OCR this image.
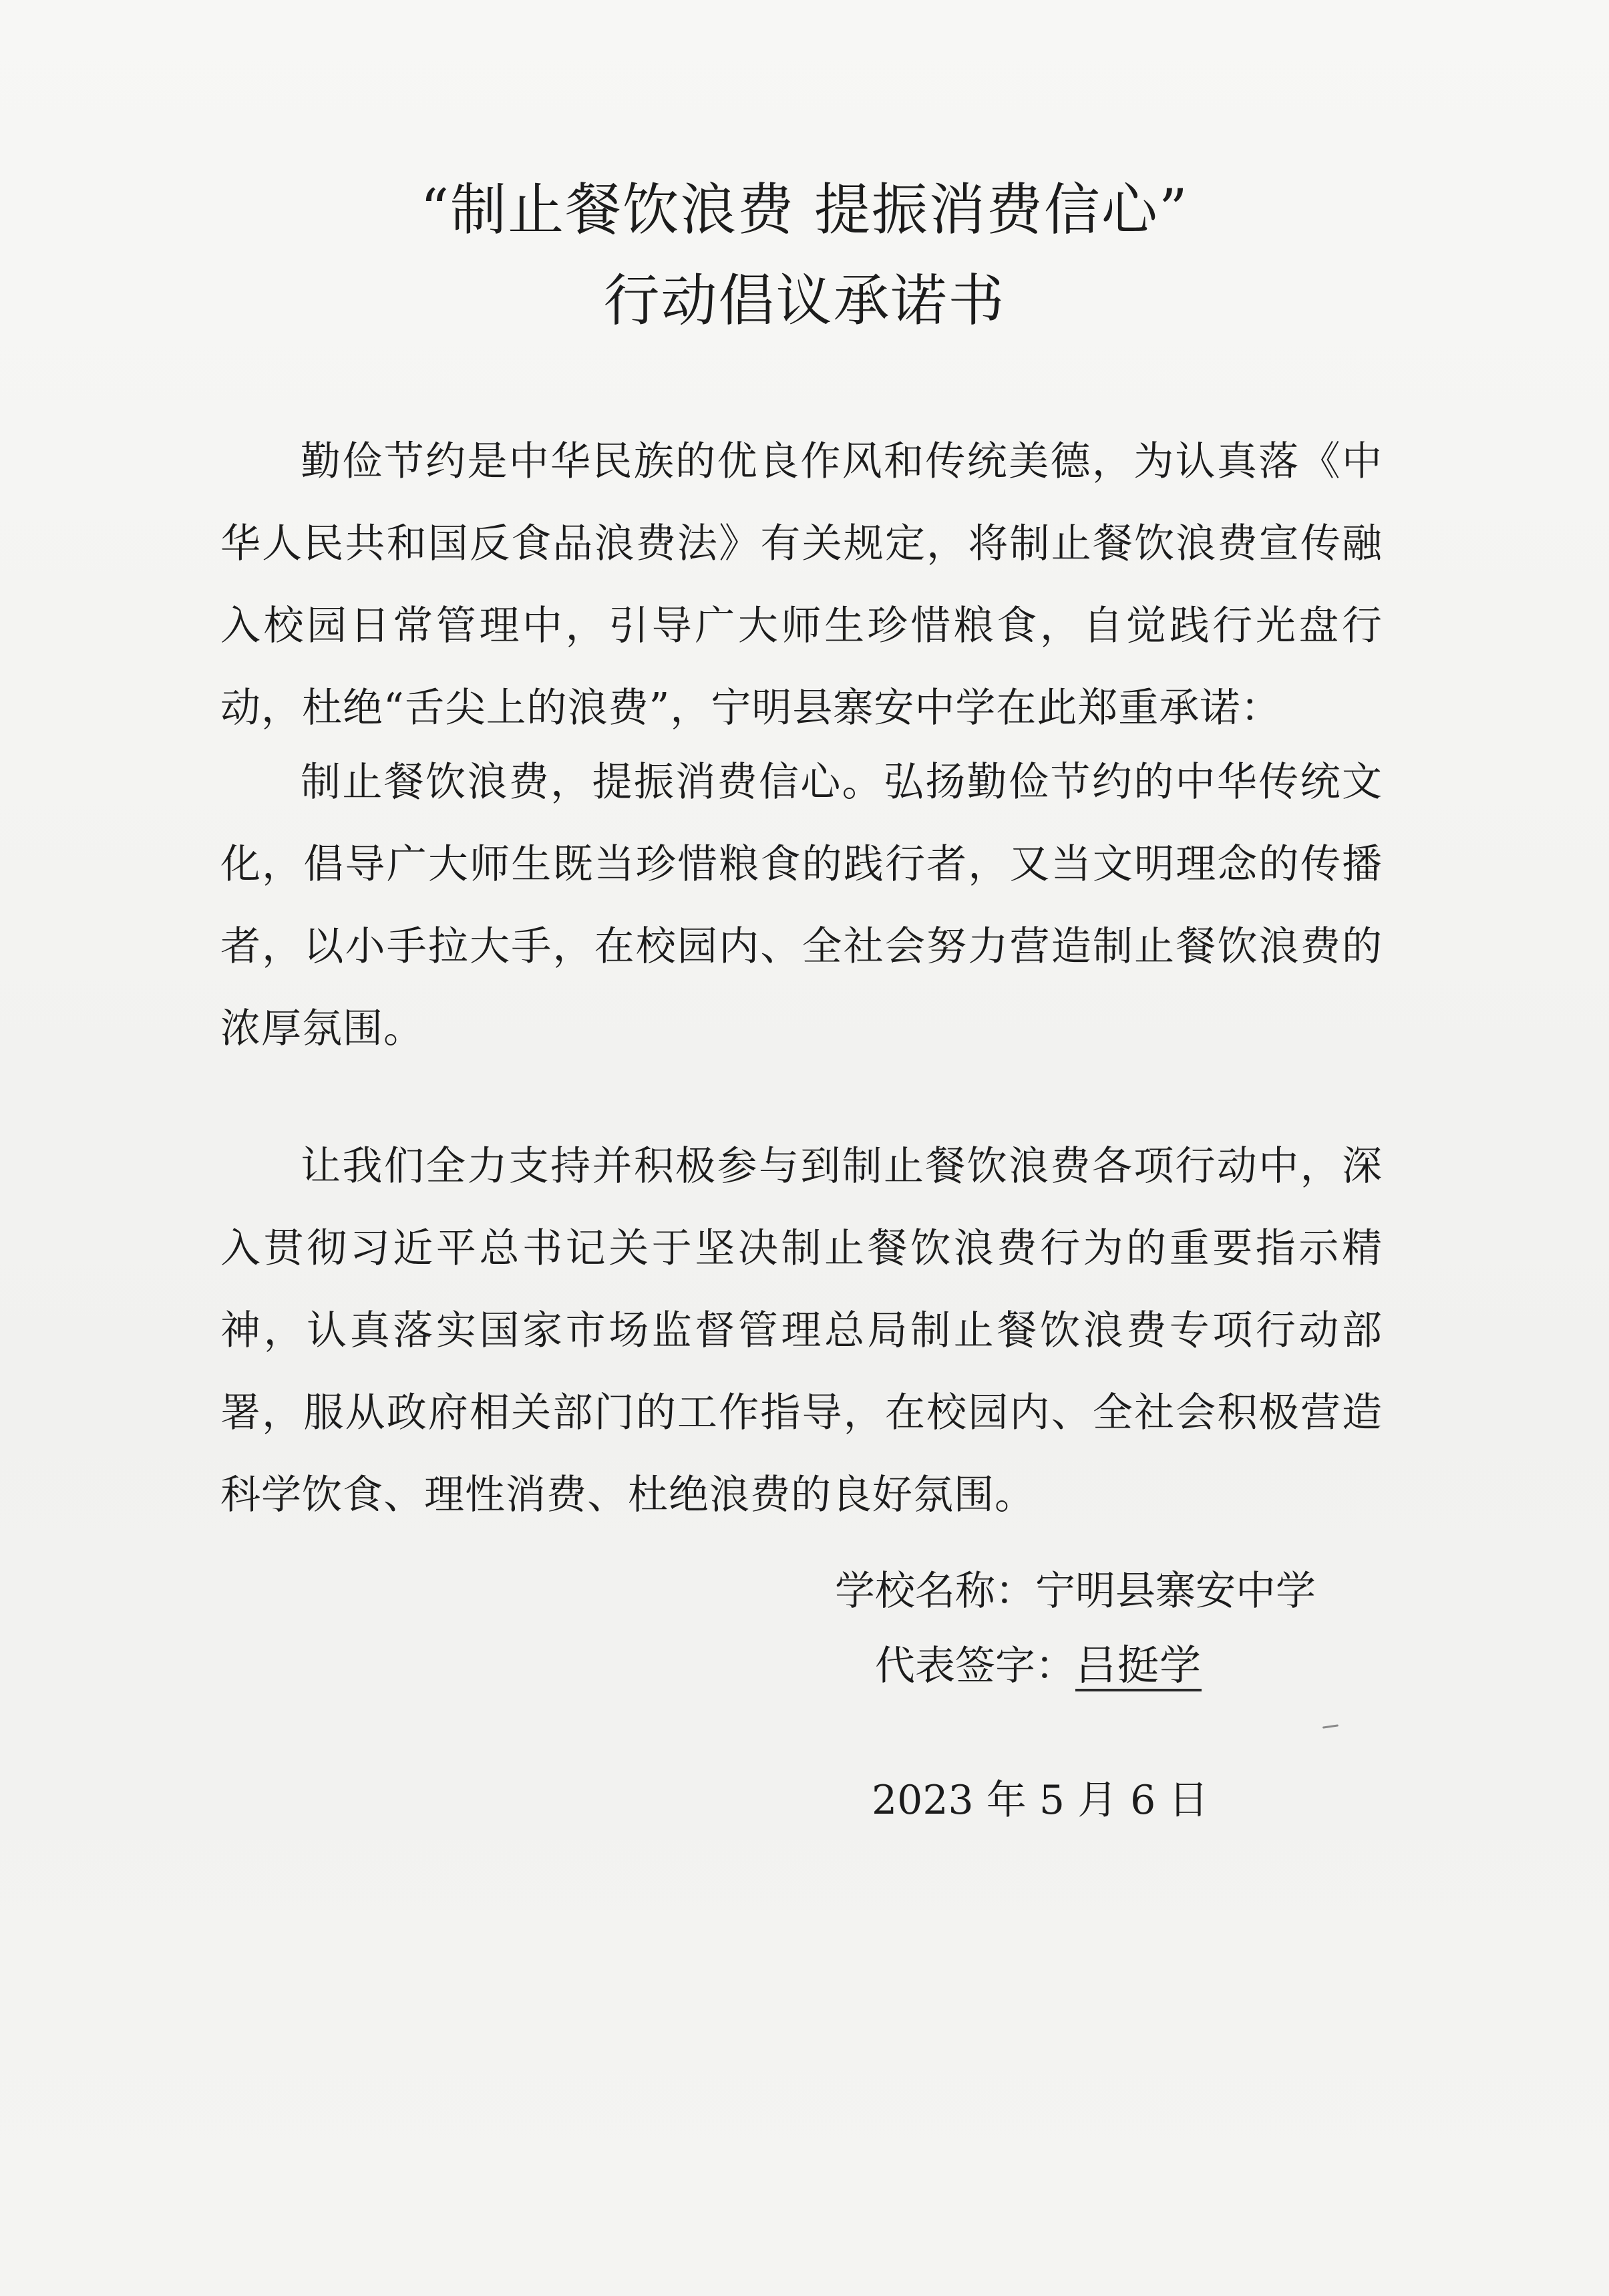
“制止餐饮浪费 提振消费信心”
行动倡议承诺书
勤俭节约是中华民族的优良作风和传统美德，为认真落《中华人民共和国反食品浪费法》有关规定，将制止餐饮浪费宣传融入校园日常管理中，引导广大师生珍惜粮食，自觉践行光盘行动，杜绝“舌尖上的浪费”，宁明县寨安中学在此郑重承诺：
制止餐饮浪费，提振消费信心。弘扬勤俭节约的中华传统文化，倡导广大师生既当珍惜粮食的践行者，又当文明理念的传播者，以小手拉大手，在校园内、全社会努力营造制止餐饮浪费的浓厚氛围。
让我们全力支持并积极参与到制止餐饮浪费各项行动中，深入贯彻习近平总书记关于坚决制止餐饮浪费行为的重要指示精神，认真落实国家市场监督管理总局制止餐饮浪费专项行动部署，服从政府相关部门的工作指导，在校园内、全社会积极营造科学饮食、理性消费、杜绝浪费的良好氛围。
学校名称：宁明县寨安中学
代表签字：吕挺学
2023 年 5 月 6 日
